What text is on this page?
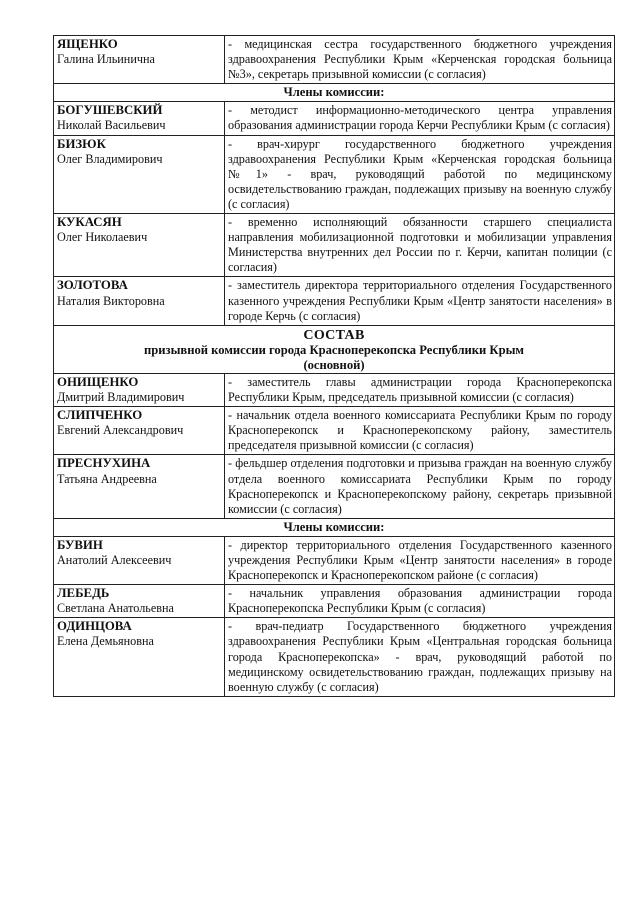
ЯЩЕНКО
Галина Ильинична	- медицинская сестра государственного бюджетного учреждения здравоохранения Республики Крым «Керченская городская больница №3», секретарь призывной комиссии (с согласия)

Члены комиссии:	

БОГУШЕВСКИЙ
Николай Васильевич	- методист информационно-методического центра управления образования администрации города Керчи Республики Крым (с согласия)

БИЗЮК
Олег Владимирович	- врач-хирург государственного бюджетного учреждения здравоохранения Республики Крым «Керченская городская больница №1» - врач, руководящий работой по медицинскому освидетельствованию граждан, подлежащих призыву на военную службу (с согласия)

КУКАСЯН
Олег Николаевич	- временно исполняющий обязанности старшего специалиста направления мобилизационной подготовки и мобилизации управления Министерства внутренних дел России по г. Керчи, капитан полиции (с согласия)

ЗОЛОТОВА
Наталия Викторовна	- заместитель директора территориального отделения Государственного казенного учреждения Республики Крым «Центр занятости населения» в городе Керчь (с согласия)

СОСТАВ
призывной комиссии города Красноперекопска Республики Крым
(основной)	

ОНИЩЕНКО
Дмитрий Владимирович	- заместитель главы администрации города Красноперекопска Республики Крым, председатель призывной комиссии (с согласия)

СЛИПЧЕНКО
Евгений Александрович	- начальник отдела военного комиссариата Республики Крым по городу Красноперекопск и Красноперекопскому району, заместитель председателя призывной комиссии (с согласия)

ПРЕСНУХИНА
Татьяна Андреевна	- фельдшер отделения подготовки и призыва граждан на военную службу отдела военного комиссариата Республики Крым по городу Красноперекопск и Красноперекопскому району, секретарь призывной комиссии (с согласия)

Члены комиссии:	

БУВИН
Анатолий Алексеевич	- директор территориального отделения Государственного казенного учреждения Республики Крым «Центр занятости населения» в городе Красноперекопск и Красноперекопском районе (с согласия)

ЛЕБЕДЬ
Светлана Анатольевна	- начальник управления образования администрации города Красноперекопска Республики Крым (с согласия)

ОДИНЦОВА
Елена Демьяновна	- врач-педиатр Государственного бюджетного учреждения здравоохранения Республики Крым «Центральная городская больница города Красноперекопска» - врач, руководящий работой по медицинскому освидетельствованию граждан, подлежащих призыву на военную службу (с согласия)
